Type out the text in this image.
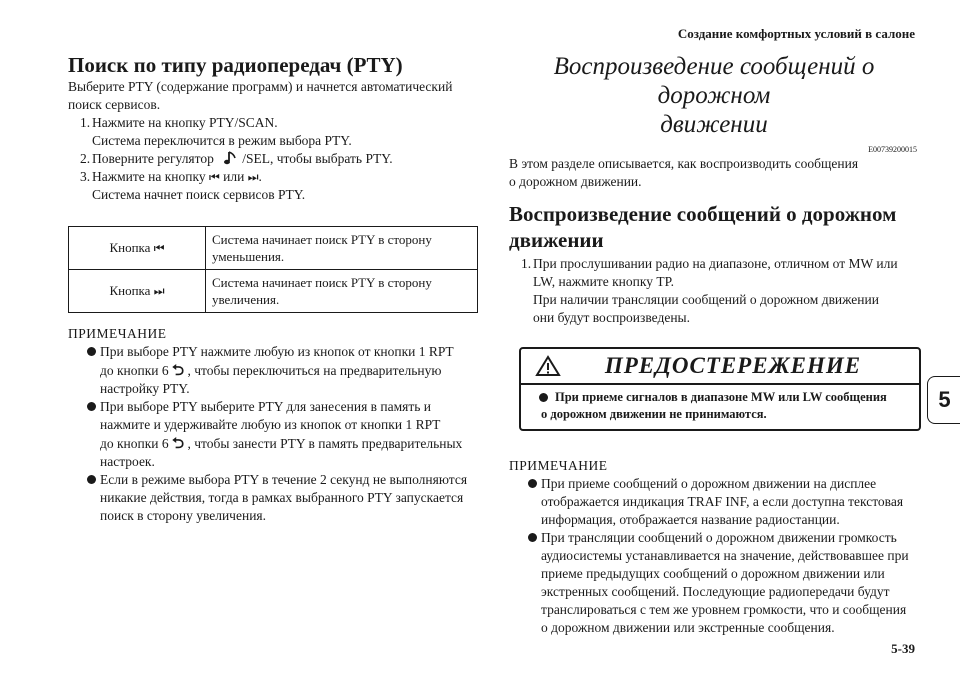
Создание комфортных условий в салоне
5-39
5
Поиск по типу радиопередач (PTY)

Выберите PTY (содержание программ) и начнется автоматический

поиск сервисов.

1. Нажмите на кнопку PTY/SCAN.
Система переключится в режим выбора PTY.
2. Поверните регулятор /SEL, чтобы выбрать PTY.
3. Нажмите на кнопку ⏮ или ⏭.
Система начнет поиск сервисов PTY.
Кнопка ⏮	Система начинает поиск PTY в сторону
уменьшения.

Кнопка ⏭	Система начинает поиск PTY в сторону
увеличения.
ПРИМЕЧАНИЕ
При выборе PTY нажмите любую из кнопок от кнопки 1 RPT
до кнопки 6 ⮌ , чтобы переключиться на предварительную
настройку PTY.
При выборе PTY выберите PTY для занесения в память и
нажмите и удерживайте любую из кнопок от кнопки 1 RPT
до кнопки 6 ⮌ , чтобы занести PTY в память предварительных
настроек.
Если в режиме выбора PTY в течение 2 секунд не выполняются
никакие действия, тогда в рамках выбранного PTY запускается
поиск в сторону увеличения.

Воспроизведение сообщений о дорожном

движении

E00739200015

В этом разделе описывается, как воспроизводить сообщения

о дорожном движении.

Воспроизведение сообщений о дорожном
движении
1. При прослушивании радио на диапазоне, отличном от MW или
LW, нажмите кнопку TP.
При наличии трансляции сообщений о дорожном движении
они будут воспроизведены.
ПРЕДОСТЕРЕЖЕНИЕ
При приеме сигналов в диапазоне MW или LW сообщения
о дорожном движении не принимаются.
ПРИМЕЧАНИЕ
При приеме сообщений о дорожном движении на дисплее
отображается индикация TRAF INF, а если доступна текстовая
информация, отображается название радиостанции.
При трансляции сообщений о дорожном движении громкость
аудиосистемы устанавливается на значение, действовавшее при
приеме предыдущих сообщений о дорожном движении или
экстренных сообщений. Последующие радиопередачи будут
транслироваться с тем же уровнем громкости, что и сообщения
о дорожном движении или экстренные сообщения.
